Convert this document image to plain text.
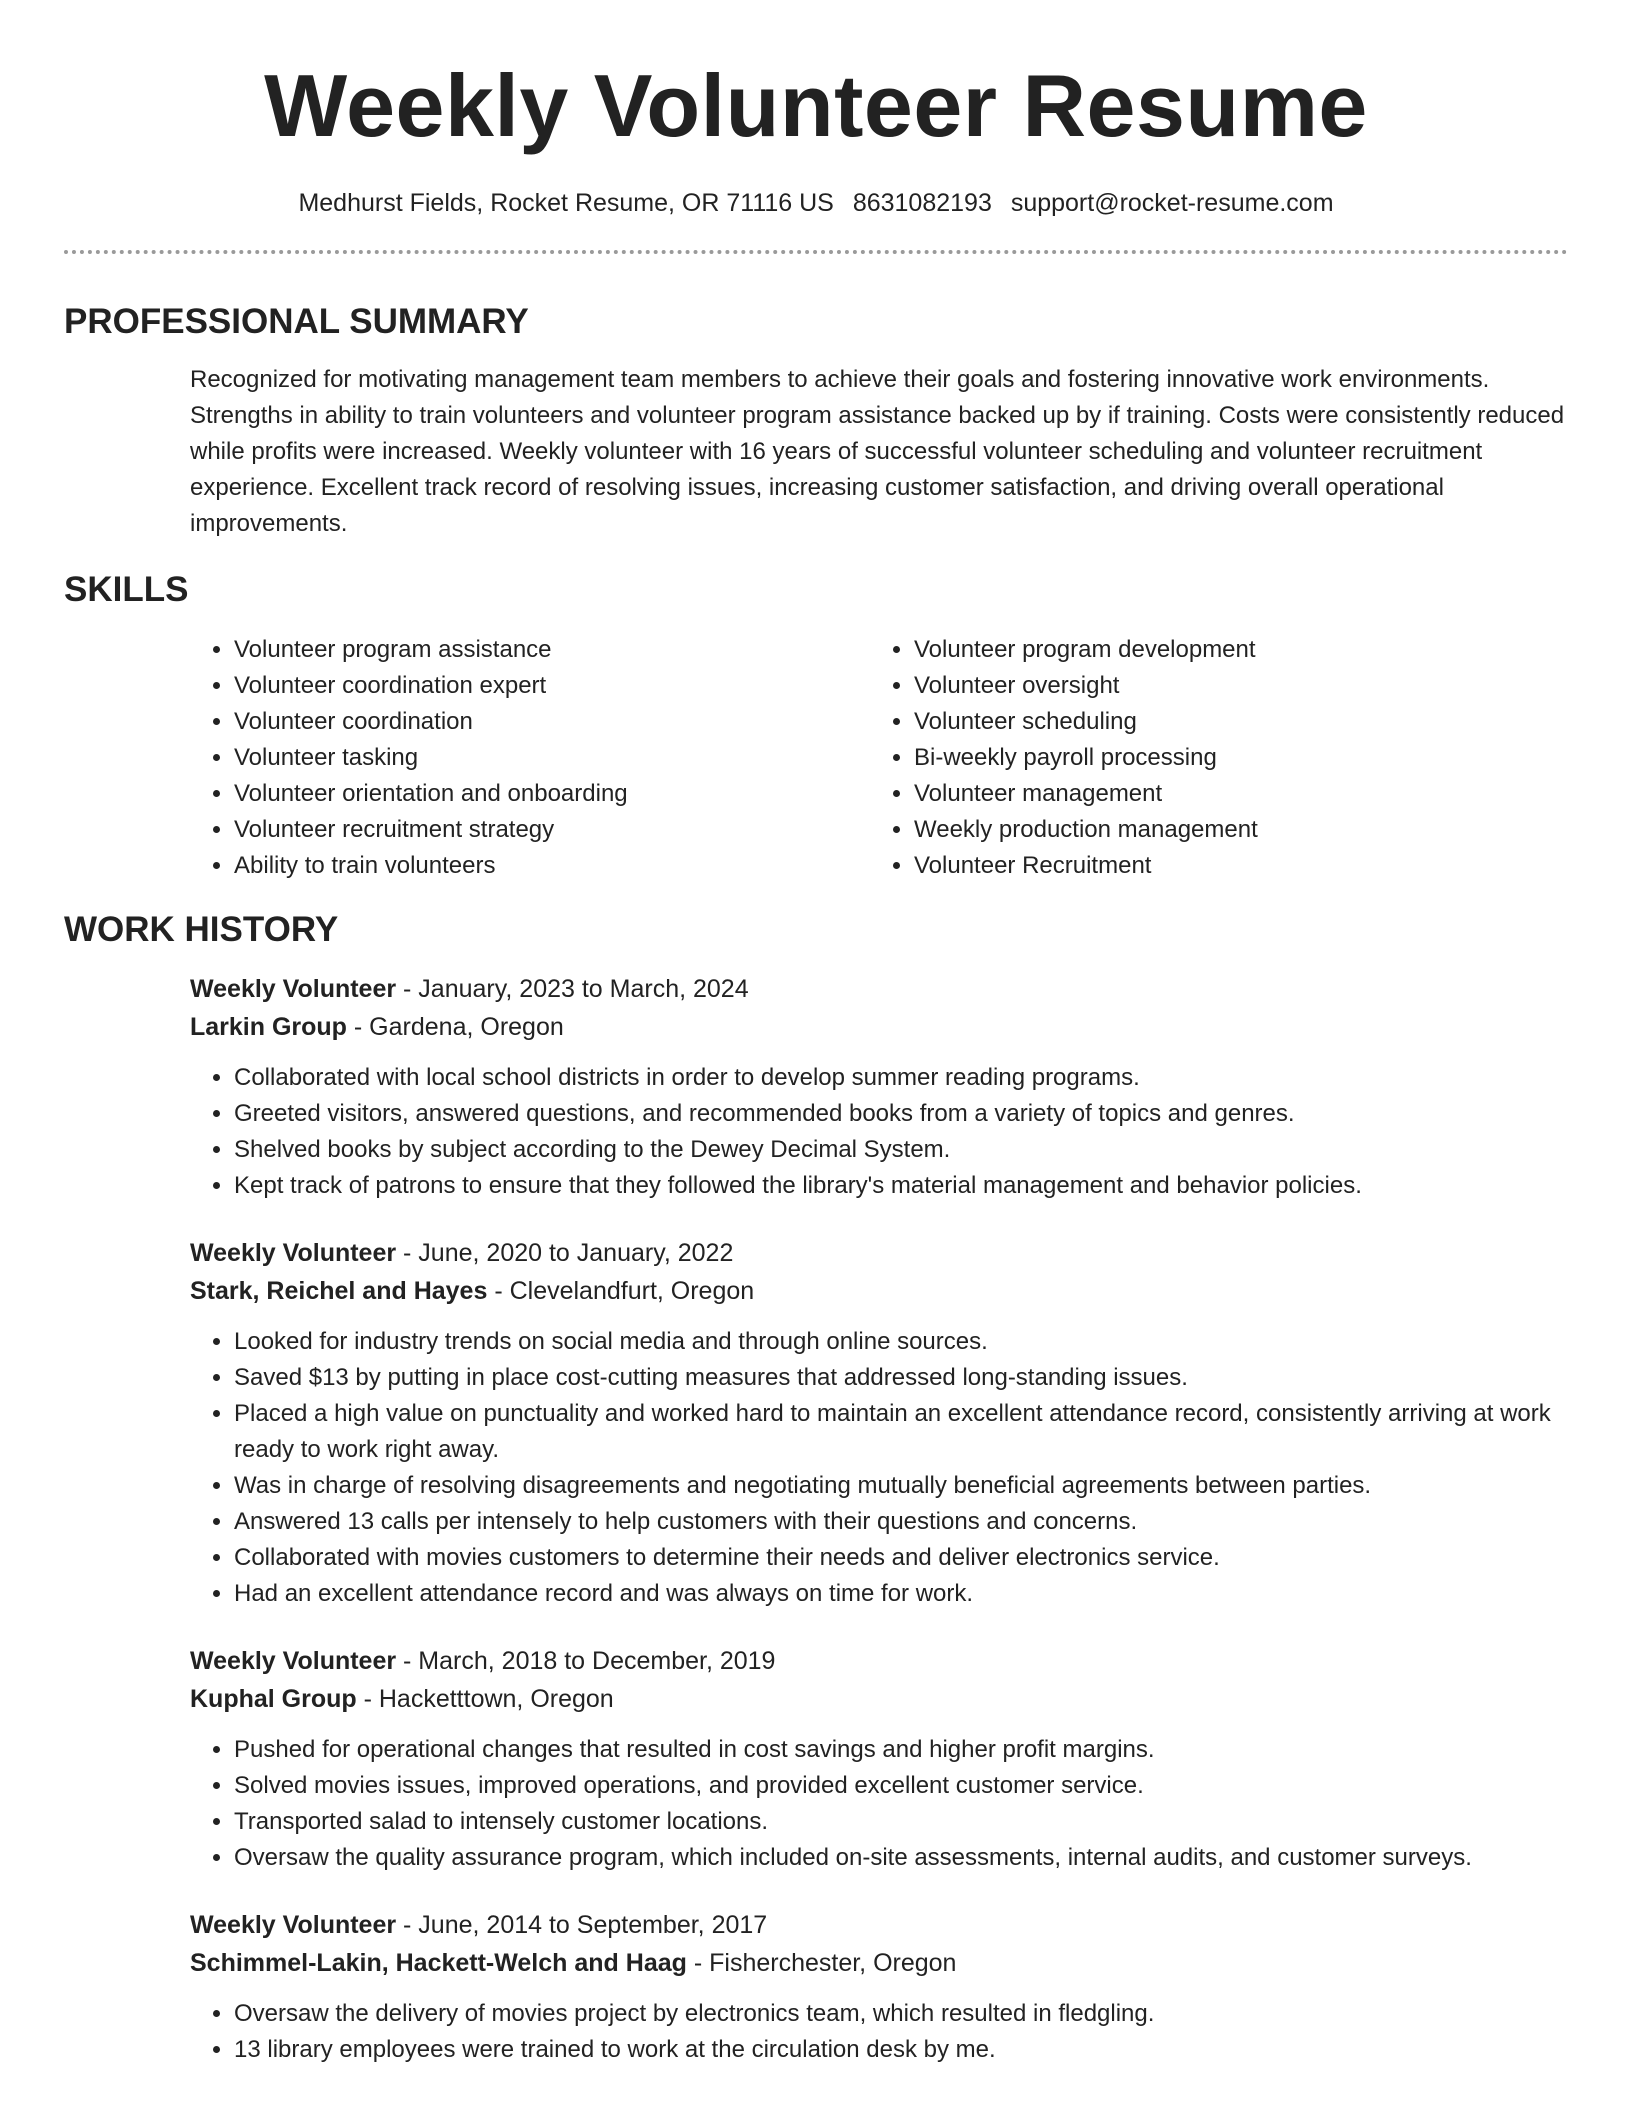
Weekly Volunteer Resume
Medhurst Fields, Rocket Resume, OR 71116 US 8631082193 support@rocket-resume.com
PROFESSIONAL SUMMARY
Recognized for motivating management team members to achieve their goals and fostering innovative work environments. Strengths in ability to train volunteers and volunteer program assistance backed up by if training. Costs were consistently reduced while profits were increased. Weekly volunteer with 16 years of successful volunteer scheduling and volunteer recruitment experience. Excellent track record of resolving issues, increasing customer satisfaction, and driving overall operational improvements.
SKILLS
• Volunteer program assistance
• Volunteer coordination expert
• Volunteer coordination
• Volunteer tasking
• Volunteer orientation and onboarding
• Volunteer recruitment strategy
• Ability to train volunteers
• Volunteer program development
• Volunteer oversight
• Volunteer scheduling
• Bi-weekly payroll processing
• Volunteer management
• Weekly production management
• Volunteer Recruitment
WORK HISTORY
Weekly Volunteer - January, 2023 to March, 2024
Larkin Group - Gardena, Oregon
• Collaborated with local school districts in order to develop summer reading programs.
• Greeted visitors, answered questions, and recommended books from a variety of topics and genres.
• Shelved books by subject according to the Dewey Decimal System.
• Kept track of patrons to ensure that they followed the library's material management and behavior policies.
Weekly Volunteer - June, 2020 to January, 2022
Stark, Reichel and Hayes - Clevelandfurt, Oregon
• Looked for industry trends on social media and through online sources.
• Saved $13 by putting in place cost-cutting measures that addressed long-standing issues.
• Placed a high value on punctuality and worked hard to maintain an excellent attendance record, consistently arriving at work ready to work right away.
• Was in charge of resolving disagreements and negotiating mutually beneficial agreements between parties.
• Answered 13 calls per intensely to help customers with their questions and concerns.
• Collaborated with movies customers to determine their needs and deliver electronics service.
• Had an excellent attendance record and was always on time for work.
Weekly Volunteer - March, 2018 to December, 2019
Kuphal Group - Hacketttown, Oregon
• Pushed for operational changes that resulted in cost savings and higher profit margins.
• Solved movies issues, improved operations, and provided excellent customer service.
• Transported salad to intensely customer locations.
• Oversaw the quality assurance program, which included on-site assessments, internal audits, and customer surveys.
Weekly Volunteer - June, 2014 to September, 2017
Schimmel-Lakin, Hackett-Welch and Haag - Fisherchester, Oregon
• Oversaw the delivery of movies project by electronics team, which resulted in fledgling.
• 13 library employees were trained to work at the circulation desk by me.
